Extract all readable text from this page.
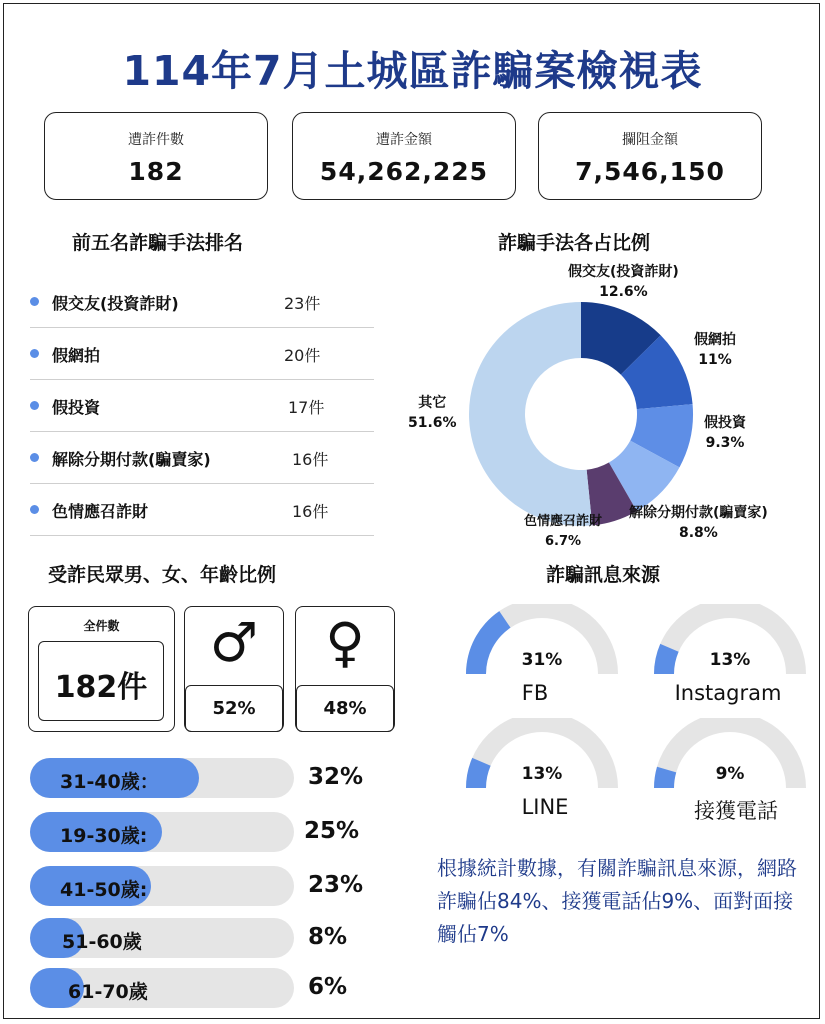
114年7月土城區詐騙案檢視表
遭詐件數
182
遭詐金額
54,262,225
攔阻金額
7,546,150
前五名詐騙手法排名
假交友(投資詐財)	23件
假網拍	20件
假投資	17件
解除分期付款(騙賣家)	16件
色情應召詐財	16件
詐騙手法各占比例
假交友(投資詐財)
12.6%
假網拍
11%
假投資
9.3%
解除分期付款(騙賣家)
8.8%
色情應召詐財
6.7%
其它
51.6%
受詐民眾男、女、年齡比例
全件數
182件
♂
52%
♀
48%
31-40歲：	32%
19-30歲:	25%
41-50歲:	23%
51-60歲	8%
61-70歲	6%
詐騙訊息來源
31%
FB
13%
Instagram
13%
LINE
9%
接獲電話
根據統計數據，有關詐騙訊息來源，網路詐騙佔84%、接獲電話佔9%、面對面接觸佔7%
